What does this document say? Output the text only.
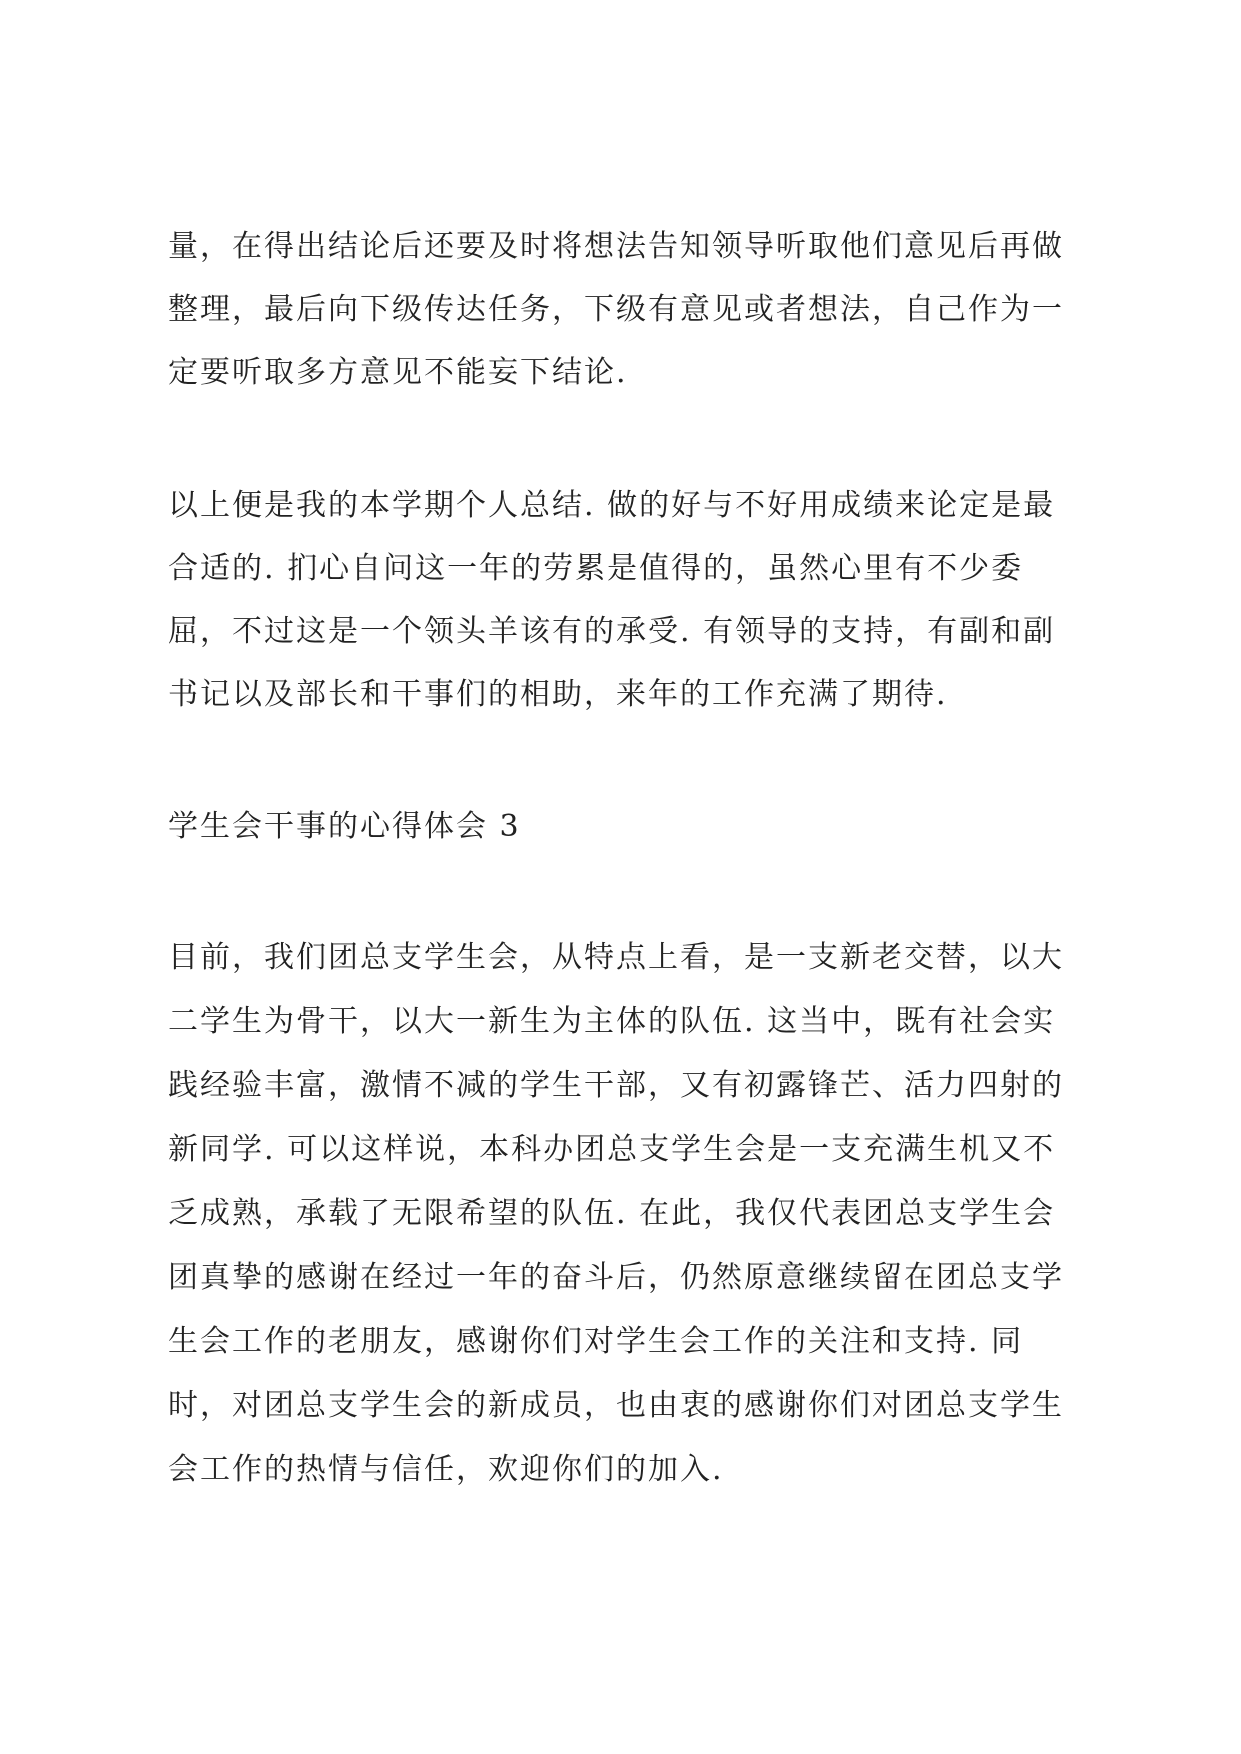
量，在得出结论后还要及时将想法告知领导听取他们意见后再做
整理，最后向下级传达任务，下级有意见或者想法，自己作为一
定要听取多方意见不能妄下结论.
以上便是我的本学期个人总结. 做的好与不好用成绩来论定是最
合适的. 扪心自问这一年的劳累是值得的，虽然心里有不少委
屈，不过这是一个领头羊该有的承受. 有领导的支持，有副和副
书记以及部长和干事们的相助，来年的工作充满了期待.
学生会干事的心得体会 3
目前，我们团总支学生会，从特点上看，是一支新老交替，以大
二学生为骨干，以大一新生为主体的队伍. 这当中，既有社会实
践经验丰富，激情不减的学生干部，又有初露锋芒、活力四射的
新同学. 可以这样说，本科办团总支学生会是一支充满生机又不
乏成熟，承载了无限希望的队伍. 在此，我仅代表团总支学生会
团真挚的感谢在经过一年的奋斗后，仍然原意继续留在团总支学
生会工作的老朋友，感谢你们对学生会工作的关注和支持. 同
时，对团总支学生会的新成员，也由衷的感谢你们对团总支学生
会工作的热情与信任，欢迎你们的加入.
